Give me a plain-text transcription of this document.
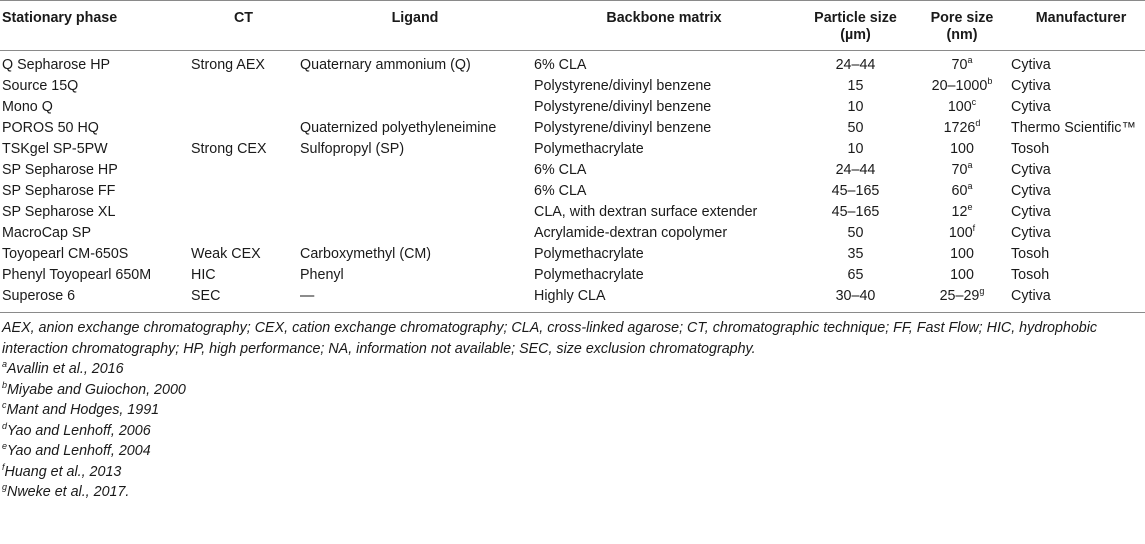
Stationary phase	CT	Ligand	Backbone matrix	Particle size (µm)	Pore size (nm)	Manufacturer
Q Sepharose HP	Strong AEX	Quaternary ammonium (Q)	6% CLA	24–44	70$^a$	Cytiva
Source 15Q			Polystyrene/divinyl benzene	15	20–1000$^b$	Cytiva
Mono Q			Polystyrene/divinyl benzene	10	100$^c$	Cytiva
POROS 50 HQ		Quaternized polyethyleneimine	Polystyrene/divinyl benzene	50	1726$^d$	Thermo Scientific™
TSKgel SP-5PW	Strong CEX	Sulfopropyl (SP)	Polymethacrylate	10	100	Tosoh
SP Sepharose HP			6% CLA	24–44	70$^a$	Cytiva
SP Sepharose FF			6% CLA	45–165	60$^a$	Cytiva
SP Sepharose XL			CLA, with dextran surface extender	45–165	12e	Cytiva
MacroCap SP			Acrylamide-dextran copolymer	50	100$^f$	Cytiva
Toyopearl CM-650S	Weak CEX	Carboxymethyl (CM)	Polymethacrylate	35	100	Tosoh
Phenyl Toyopearl 650M	HIC	Phenyl	Polymethacrylate	65	100	Tosoh
Superose 6	SEC	—	Highly CLA	30–40	25–29$^g$	Cytiva

AEX, anion exchange chromatography; CEX, cation exchange chromatography; CLA, cross-linked agarose; CT, chromatographic technique; FF, Fast Flow; HIC, hydrophobic interaction chromatography; HP, high performance; NA, information not available; SEC, size exclusion chromatography.

$^a$Avallin et al., 2016

$^b$Miyabe and Guiochon, 2000

$^c$Mant and Hodges, 1991

$^d$Yao and Lenhoff, 2006

$^e$Yao and Lenhoff, 2004

$^f$Huang et al., 2013

$^g$Nweke et al., 2017.
